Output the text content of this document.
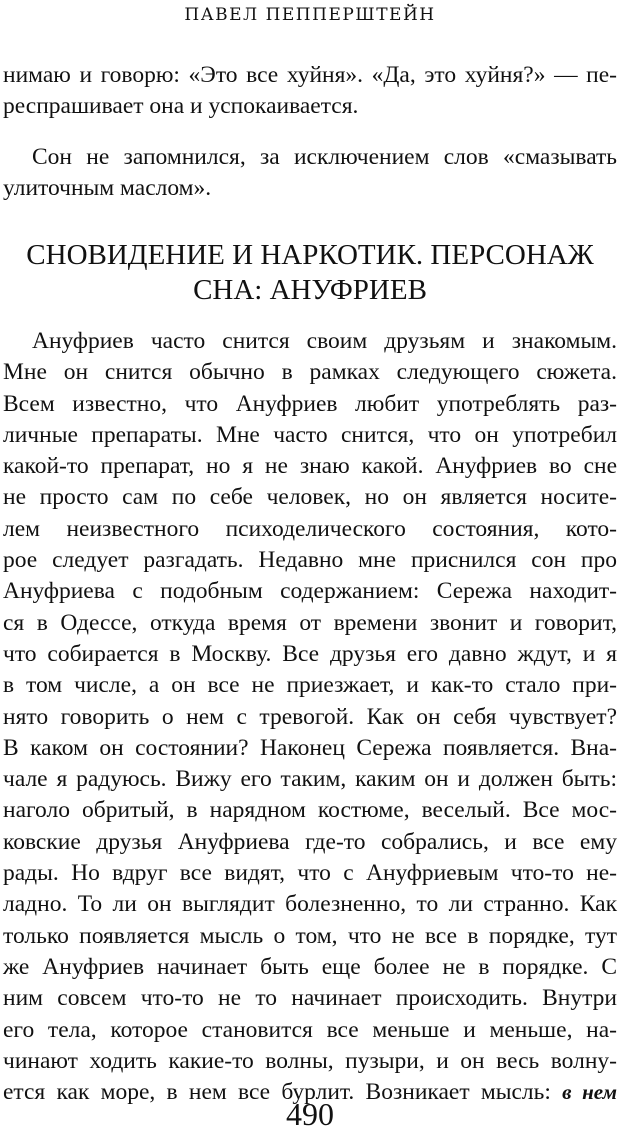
ПАВЕЛ ПЕППЕРШТЕЙН

нимаю и говорю: «Это все хуйня». «Да, это хуйня?» — пе-
респрашивает она и успокаивается.

Сон не запомнился, за исключением слов «смазывать
улиточным маслом».

СНОВИДЕНИЕ И НАРКОТИК. ПЕРСОНАЖ
СНА: АНУФРИЕВ

Ануфриев часто снится своим друзьям и знакомым.
Мне он снится обычно в рамках следующего сюжета.
Всем известно, что Ануфриев любит употреблять раз-
личные препараты. Мне часто снится, что он употребил
какой-то препарат, но я не знаю какой. Ануфриев во сне
не просто сам по себе человек, но он является носите-
лем неизвестного психоделического состояния, кото-
рое следует разгадать. Недавно мне приснился сон про
Ануфриева с подобным содержанием: Сережа находит-
ся в Одессе, откуда время от времени звонит и говорит,
что собирается в Москву. Все друзья его давно ждут, и я
в том числе, а он все не приезжает, и как-то стало при-
нято говорить о нем с тревогой. Как он себя чувствует?
В каком он состоянии? Наконец Сережа появляется. Вна-
чале я радуюсь. Вижу его таким, каким он и должен быть:
наголо обритый, в нарядном костюме, веселый. Все мос-
ковские друзья Ануфриева где-то собрались, и все ему
рады. Но вдруг все видят, что с Ануфриевым что-то не-
ладно. То ли он выглядит болезненно, то ли странно. Как
только появляется мысль о том, что не все в порядке, тут
же Ануфриев начинает быть еще более не в порядке. С
ним совсем что-то не то начинает происходить. Внутри
его тела, которое становится все меньше и меньше, на-
чинают ходить какие-то волны, пузыри, и он весь волну-
ется как море, в нем все бурлит. Возникает мысль: в нем

490
